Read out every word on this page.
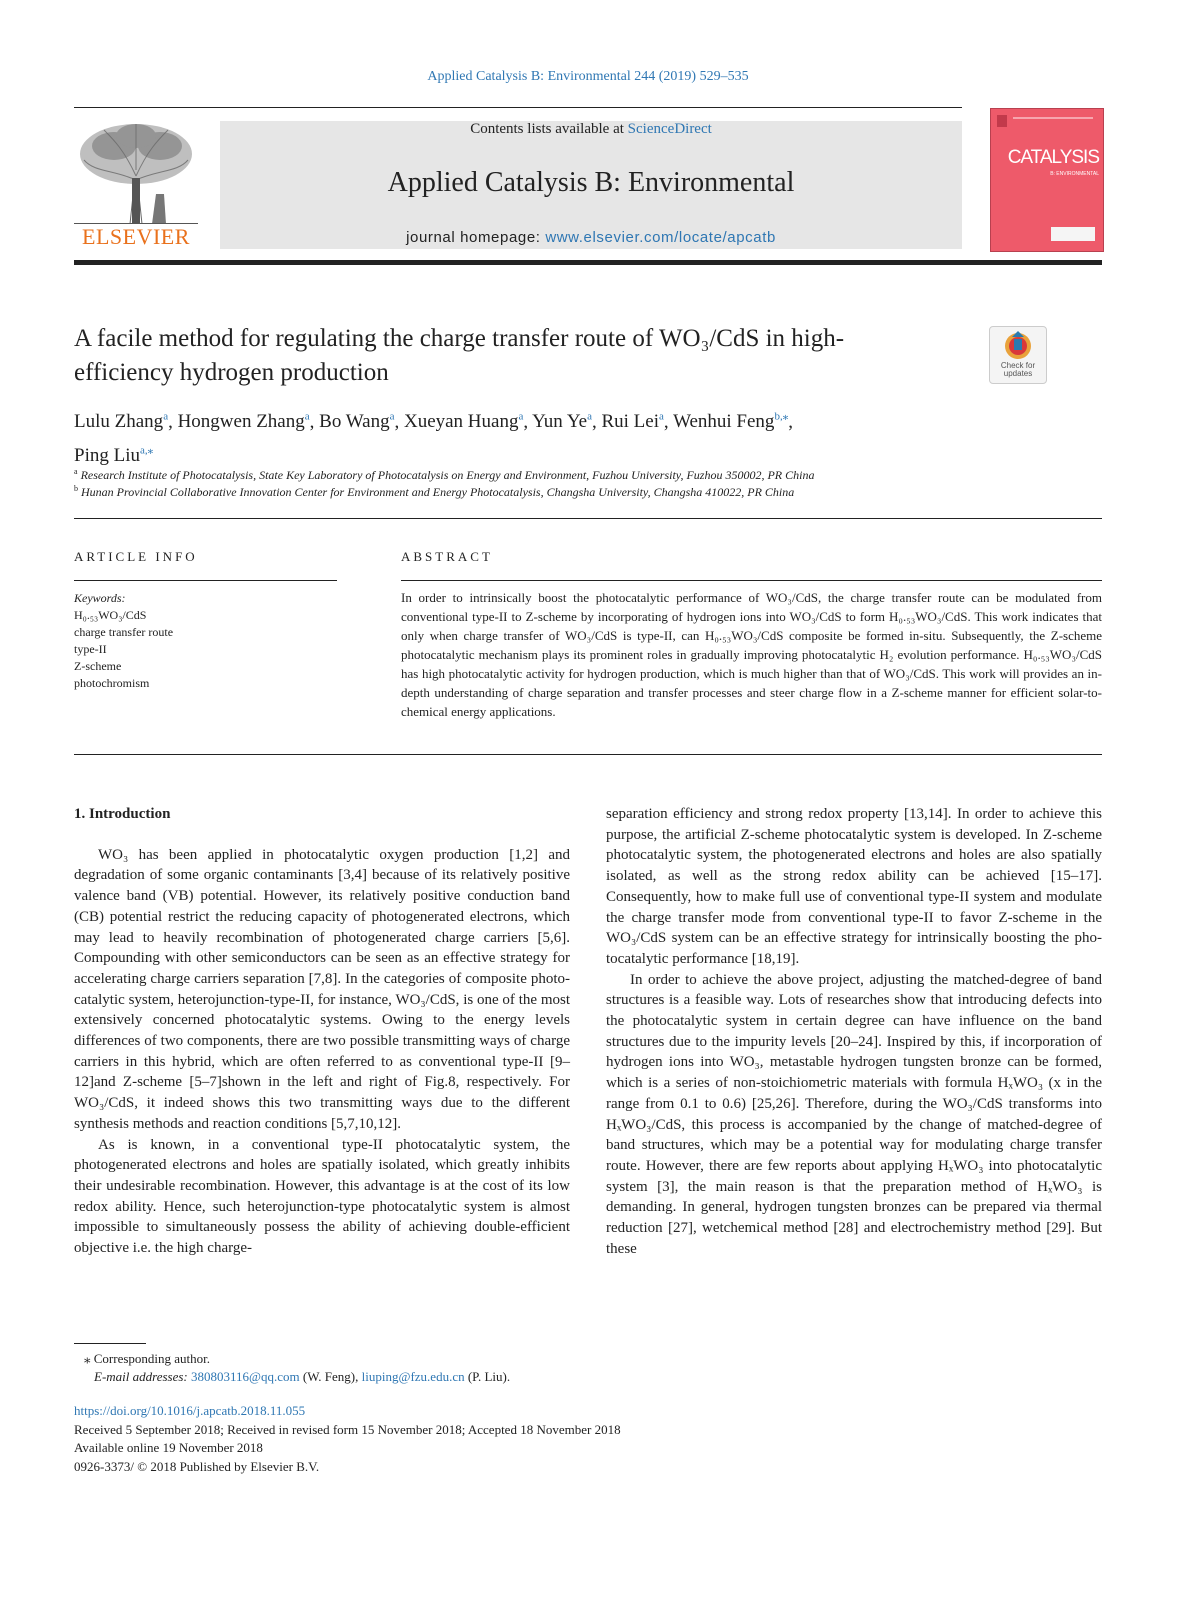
Applied Catalysis B: Environmental 244 (2019) 529–535
ELSEVIER
Contents lists available at ScienceDirect
Applied Catalysis B: Environmental
journal homepage: www.elsevier.com/locate/apcatb
CATALYSIS
B: ENVIRONMENTAL
A facile method for regulating the charge transfer route of WO₃/CdS in high-
efficiency hydrogen production	Check for updates
Lulu Zhang$^a$, Hongwen Zhang$^a$, Bo Wang$^a$, Xueyan Huang$^a$, Yun Ye$^a$, Rui Lei$^a$, Wenhui Feng$^{b,⁎}$,
Ping Liu$^{a,⁎}$
$^a$ Research Institute of Photocatalysis, State Key Laboratory of Photocatalysis on Energy and Environment, Fuzhou University, Fuzhou 350002, PR China
$^b$ Hunan Provincial Collaborative Innovation Center for Environment and Energy Photocatalysis, Changsha University, Changsha 410022, PR China
ARTICLE INFO	ABSTRACT
Keywords:
H₀.₅₃WO₃/CdS
charge transfer route
type-II
Z-scheme
photochromism
In order to intrinsically boost the photocatalytic performance of WO₃/CdS, the charge transfer route can be modulated from conventional type-II to Z-scheme by incorporating of hydrogen ions into WO₃/CdS to form H₀.₅₃WO₃/CdS. This work indicates that only when charge transfer of WO₃/CdS is type-II, can H₀.₅₃WO₃/CdS composite be formed in-situ. Subsequently, the Z-scheme photocatalytic mechanism plays its prominent roles in gradually improving photocatalytic H₂ evolution performance. H₀.₅₃WO₃/CdS has high photocatalytic activity for hydrogen production, which is much higher than that of WO₃/CdS. This work will provides an in-depth understanding of charge separation and transfer processes and steer charge flow in a Z-scheme manner for efficient solar-to-chemical energy applications.

1. Introduction

WO₃ has been applied in photocatalytic oxygen production [1,2] and degradation of some organic contaminants [3,4] because of its relatively positive valence band (VB) potential. However, its relatively positive conduction band (CB) potential restrict the reducing capacity of photogenerated electrons, which may lead to heavily recombination of photogenerated charge carriers [5,6]. Compounding with other semiconductors can be seen as an effective strategy for accelerating charge carriers separation [7,8]. In the categories of composite photocatalytic system, heterojunction-type-II, for instance, WO₃/CdS, is one of the most extensively concerned photocatalytic systems. Owing to the energy levels differences of two components, there are two possible transmitting ways of charge carriers in this hybrid, which are often referred to as conventional type-II [9–12]and Z-scheme [5–7]shown in the left and right of Fig.8, respectively. For WO₃/CdS, it indeed shows this two transmitting ways due to the different synthesis methods and reaction conditions [5,7,10,12].

As is known, in a conventional type-II photocatalytic system, the photogenerated electrons and holes are spatially isolated, which greatly inhibits their undesirable recombination. However, this advantage is at the cost of its low redox ability. Hence, such heterojunction-type photocatalytic system is almost impossible to simultaneously possess the ability of achieving double-efficient objective i.e. the high charge-

separation efficiency and strong redox property [13,14]. In order to achieve this purpose, the artificial Z-scheme photocatalytic system is developed. In Z-scheme photocatalytic system, the photogenerated electrons and holes are also spatially isolated, as well as the strong redox ability can be achieved [15–17]. Consequently, how to make full use of conventional type-II system and modulate the charge transfer mode from conventional type-II to favor Z-scheme in the WO₃/CdS system can be an effective strategy for intrinsically boosting the photocatalytic performance [18,19].

In order to achieve the above project, adjusting the matched-degree of band structures is a feasible way. Lots of researches show that introducing defects into the photocatalytic system in certain degree can have influence on the band structures due to the impurity levels [20–24]. Inspired by this, if incorporation of hydrogen ions into WO₃, metastable hydrogen tungsten bronze can be formed, which is a series of non-stoichiometric materials with formula HₓWO₃ (x in the range from 0.1 to 0.6) [25,26]. Therefore, during the WO₃/CdS transforms into HₓWO₃/CdS, this process is accompanied by the change of matched-degree of band structures, which may be a potential way for modulating charge transfer route. However, there are few reports about applying HₓWO₃ into photocatalytic system [3], the main reason is that the preparation method of HₓWO₃ is demanding. In general, hydrogen tungsten bronzes can be prepared via thermal reduction [27], wetchemical method [28] and electrochemistry method [29]. But these

⁎ Corresponding author.
E-mail addresses: 380803116@qq.com (W. Feng), liuping@fzu.edu.cn (P. Liu).
https://doi.org/10.1016/j.apcatb.2018.11.055
Received 5 September 2018; Received in revised form 15 November 2018; Accepted 18 November 2018
Available online 19 November 2018
0926-3373/ © 2018 Published by Elsevier B.V.
